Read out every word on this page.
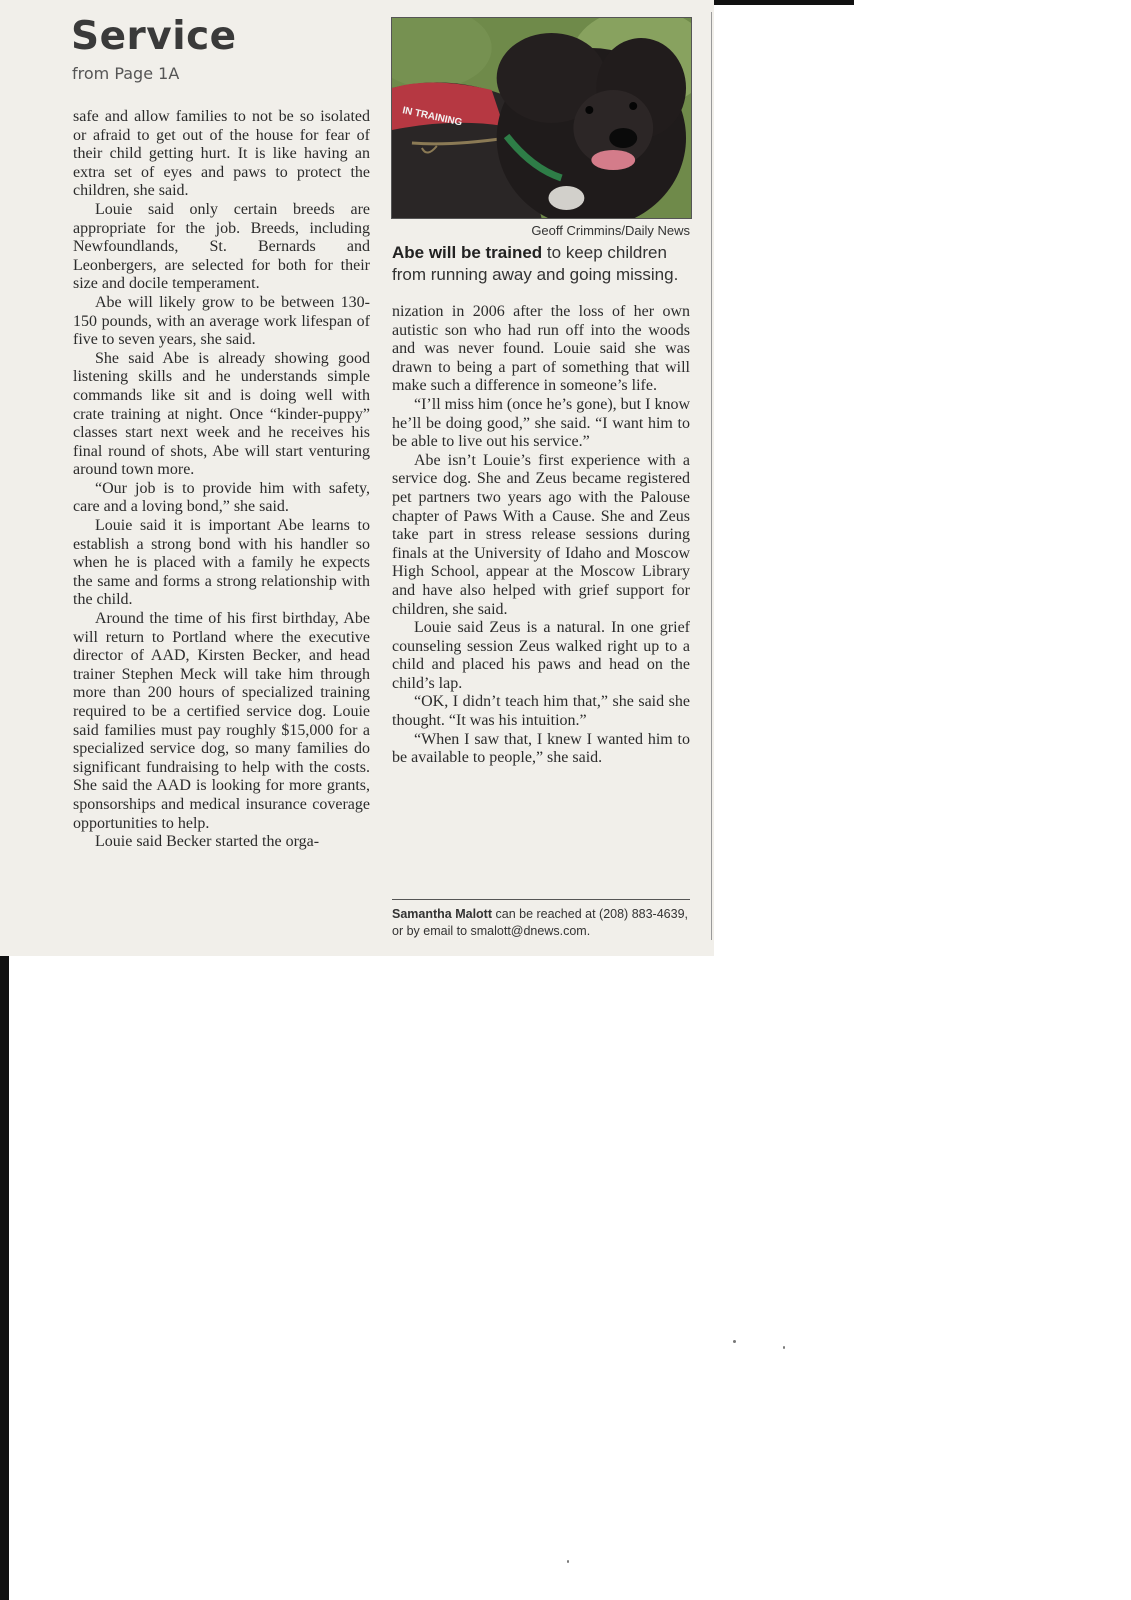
Service
from Page 1A

safe and allow families to not be so isolated or afraid to get out of the house for fear of their child getting hurt. It is like having an extra set of eyes and paws to protect the children, she said.

Louie said only certain breeds are appropriate for the job. Breeds, including Newfoundlands, St. Bernards and Leonbergers, are selected for both for their size and docile temperament.

Abe will likely grow to be between 130-150 pounds, with an average work lifespan of five to seven years, she said.

She said Abe is already showing good listening skills and he understands simple commands like sit and is doing well with crate training at night. Once “kinder-puppy” classes start next week and he receives his final round of shots, Abe will start venturing around town more.

“Our job is to provide him with safety, care and a loving bond,” she said.

Louie said it is important Abe learns to establish a strong bond with his handler so when he is placed with a family he expects the same and forms a strong relationship with the child.

Around the time of his first birthday, Abe will return to Portland where the executive director of AAD, Kirsten Becker, and head trainer Stephen Meck will take him through more than 200 hours of specialized training required to be a certified service dog. Louie said families must pay roughly $15,000 for a specialized service dog, so many families do significant fundraising to help with the costs. She said the AAD is looking for more grants, sponsorships and medical insurance coverage opportunities to help.

Louie said Becker started the orga-

IN TRAINING
Geoff Crimmins/Daily News
Abe will be trained to keep children from running away and going missing.

nization in 2006 after the loss of her own autistic son who had run off into the woods and was never found. Louie said she was drawn to being a part of something that will make such a difference in someone’s life.

“I’ll miss him (once he’s gone), but I know he’ll be doing good,” she said. “I want him to be able to live out his service.”

Abe isn’t Louie’s first experience with a service dog. She and Zeus became registered pet partners two years ago with the Palouse chapter of Paws With a Cause. She and Zeus take part in stress release sessions during finals at the University of Idaho and Moscow High School, appear at the Moscow Library and have also helped with grief support for children, she said.

Louie said Zeus is a natural. In one grief counseling session Zeus walked right up to a child and placed his paws and head on the child’s lap.

“OK, I didn’t teach him that,” she said she thought. “It was his intuition.”

“When I saw that, I knew I wanted him to be available to people,” she said.

Samantha Malott can be reached at (208) 883-4639, or by email to smalott@dnews.com.
